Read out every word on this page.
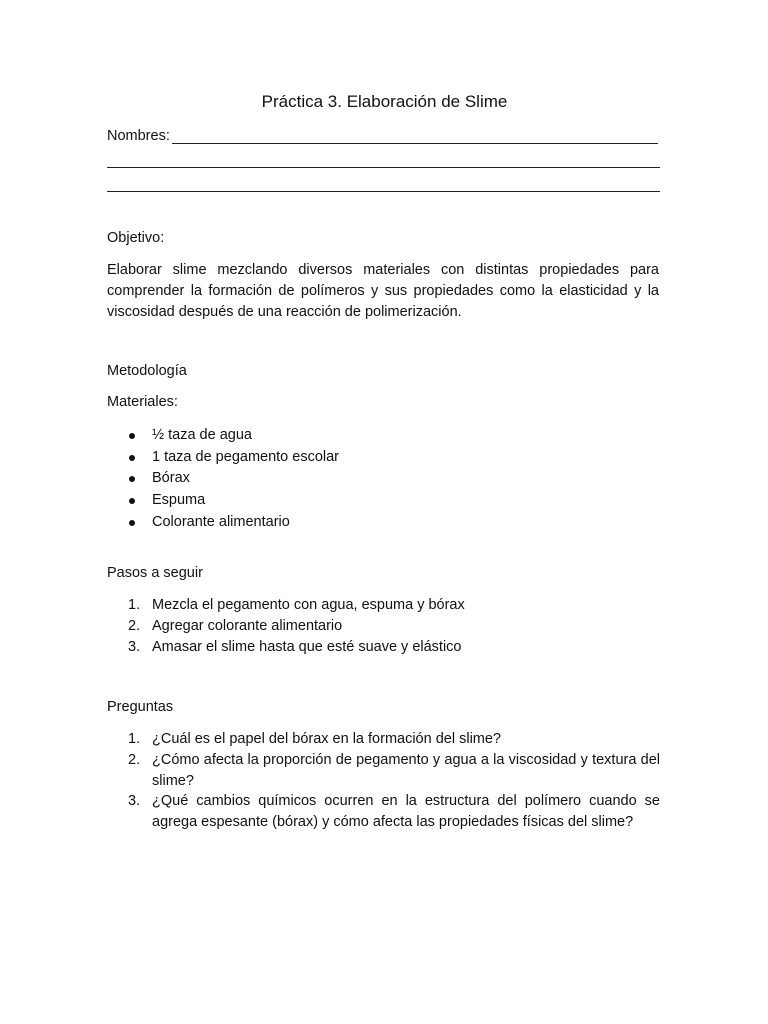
Práctica 3. Elaboración de Slime
Nombres:
Objetivo:
Elaborar slime mezclando diversos materiales con distintas propiedades para comprender la formación de polímeros y sus propiedades como la elasticidad y la viscosidad después de una reacción de polimerización.
Metodología
Materiales:
½ taza de agua
1 taza de pegamento escolar
Bórax
Espuma
Colorante alimentario
Pasos a seguir
1. Mezcla el pegamento con agua, espuma y bórax
2. Agregar colorante alimentario
3. Amasar el slime hasta que esté suave y elástico
Preguntas
1. ¿Cuál es el papel del bórax en la formación del slime?
2. ¿Cómo afecta la proporción de pegamento y agua a la viscosidad y textura del slime?
3. ¿Qué cambios químicos ocurren en la estructura del polímero cuando se agrega espesante (bórax) y cómo afecta las propiedades físicas del slime?
